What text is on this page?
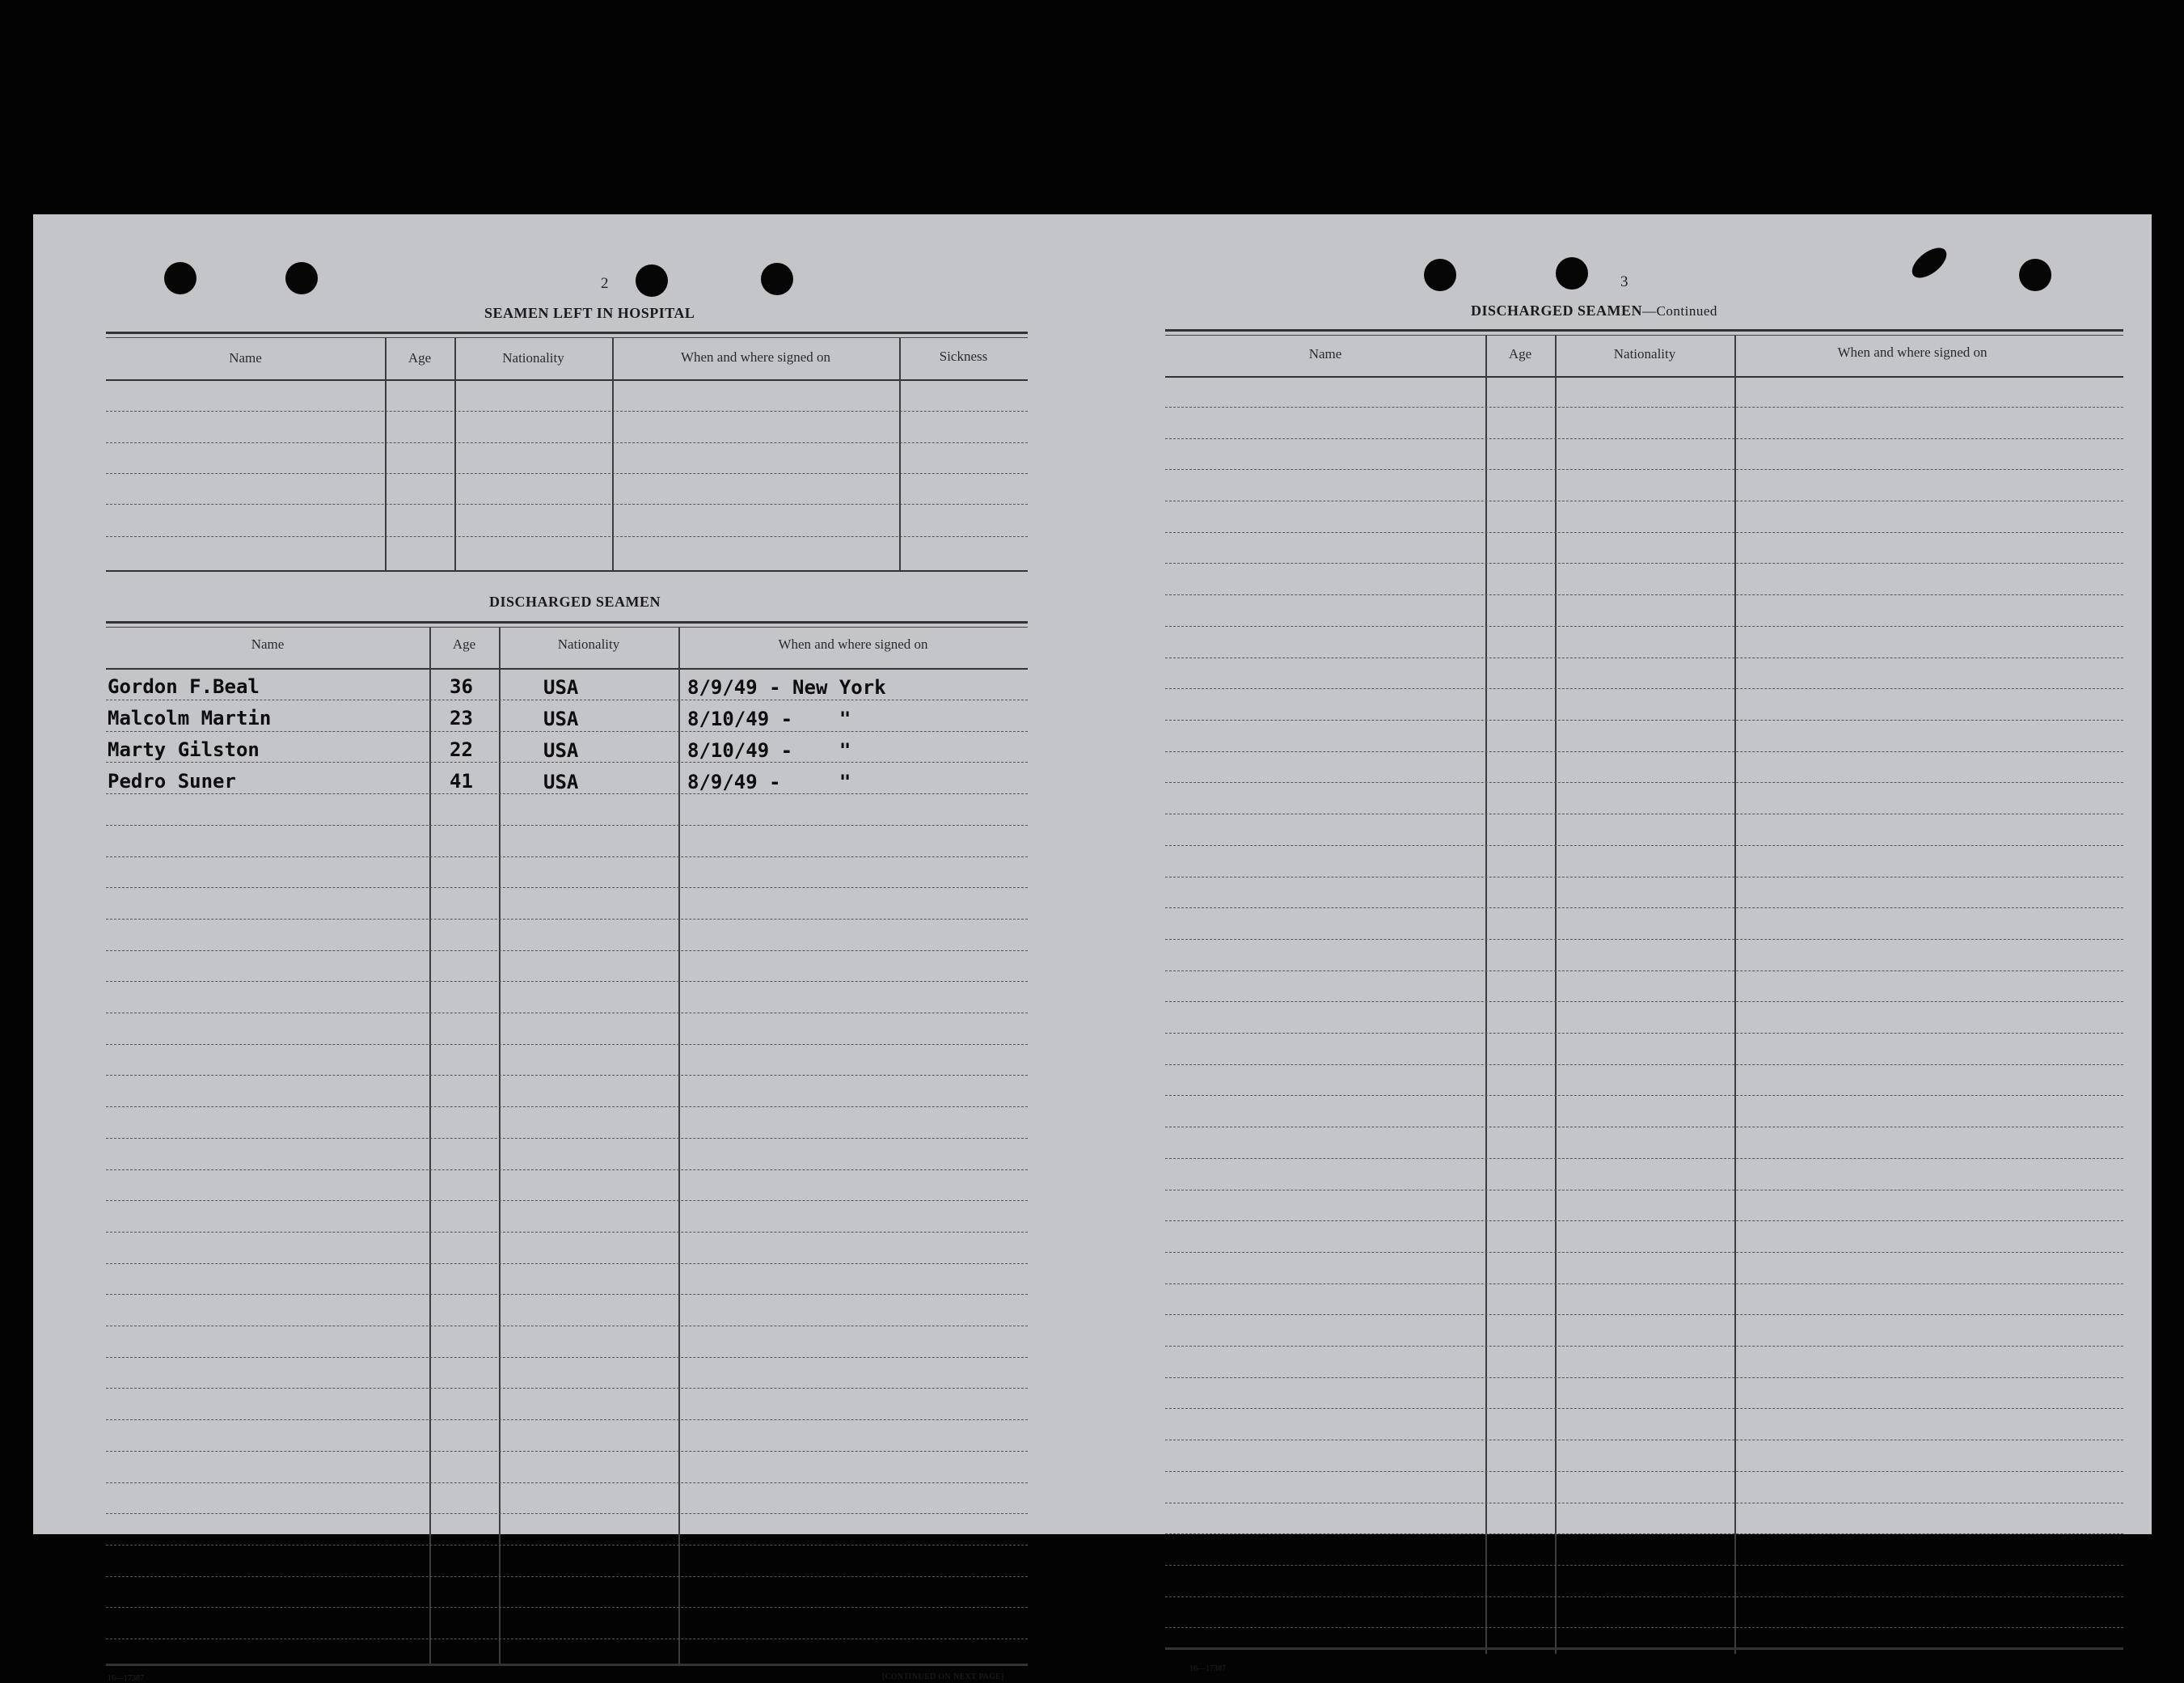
2
SEAMEN LEFT IN HOSPITAL
Name	Age	Nationality	When and where signed on	Sickness
DISCHARGED SEAMEN
Name	Age	Nationality	When and where signed on
Gordon F.Beal	36	USA	8/9/49 - New York
Malcolm Martin	23	USA	8/10/49 -    "
Marty Gilston	22	USA	8/10/49 -    "
Pedro Suner	41	USA	8/9/49 -     "
16—17387	[CONTINUED ON NEXT PAGE]
3
DISCHARGED SEAMEN—Continued
Name	Age	Nationality	When and where signed on
16—17387
